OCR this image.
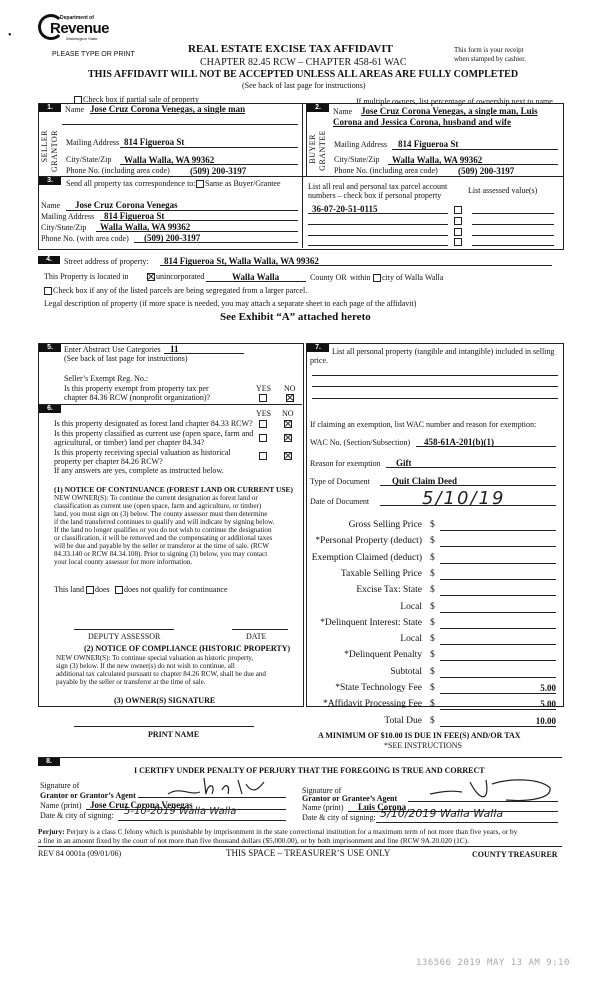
•
Department of
Revenue
Washington State
PLEASE TYPE OR PRINT	REAL ESTATE EXCISE TAX AFFIDAVIT
CHAPTER 82.45 RCW – CHAPTER 458-61 WAC
THIS AFFIDAVIT WILL NOT BE ACCEPTED UNLESS ALL AREAS ARE FULLY COMPLETED
(See back of last page for instructions)
This form is your receipt
when stamped by cashier.
Check box if partial sale of property	If multiple owners, list percentage of ownership next to name
1.
SELLER GRANTOR
Name Jose Cruz Corona Venegas, a single man
Mailing Address 814 Figueroa St
City/State/Zip Walla Walla, WA 99362
Phone No. (including area code) (509) 200-3197
2.
BUYER GRANTEE
Name Jose Cruz Corona Venegas, a single man, Luis
Corona and Jessica Corona, husband and wife
Mailing Address 814 Figueroa St
City/State/Zip Walla Walla, WA 99362
Phone No. (including area code) (509) 200-3197
3.	Send all property tax correspondence to: Same as Buyer/Grantee
Name Jose Cruz Corona Venegas
Mailing Address 814 Figueroa St
City/State/Zip Walla Walla, WA 99362
Phone No. (with area code) (509) 200-3197
List all real and personal tax parcel account
numbers – check box if personal property
List assessed value(s)
36-07-20-51-0115
4.	Street address of property: 814 Figueroa St, Walla Walla, WA 99362
This Property is located in	unincorporated	Walla Walla	County OR within city of Walla Walla
Check box if any of the listed parcels are being segregated from a larger parcel.
Legal description of property (if more space is needed, you may attach a separate sheet to each page of the affidavit)
See Exhibit “A” attached hereto
5.	Enter Abstract Use Categories 11
(See back of last page for instructions)
Seller’s Exempt Reg. No.:
Is this property exempt from property tax per
chapter 84.36 RCW (nonprofit organization)?
YES NO
6.
YES NO
Is this property designated as forest land chapter 84.33 RCW?
Is this property classified as current use (open space, farm and
agricultural, or timber) land per chapter 84.34?
Is this property receiving special valuation as historical
property per chapter 84.26 RCW?
If any answers are yes, complete as instructed below.
(1) NOTICE OF CONTINUANCE (FOREST LAND OR CURRENT USE)
NEW OWNER(S): To continue the current designation as forest land or
classification as current use (open space, farm and agriculture, or timber)
land, you must sign on (3) below. The county assessor must then determine
if the land transferred continues to qualify and will indicate by signing below.
If the land no longer qualifies or you do not wish to continue the designation
or classification, it will be removed and the compensating or additional taxes
will be due and payable by the seller or transferor at the time of sale. (RCW
84.33.140 or RCW 84.34.108). Prior to signing (3) below, you may contact
your local county assessor for more information.
This land does does not qualify for continuance
DEPUTY ASSESSOR	DATE
(2) NOTICE OF COMPLIANCE (HISTORIC PROPERTY)
NEW OWNER(S): To continue special valuation as historic property,
sign (3) below. If the new owner(s) do not wish to continue, all
additional tax calculated pursuant to chapter 84.26 RCW, shall be due and
payable by the seller or transferor at the time of sale.
(3) OWNER(S) SIGNATURE
PRINT NAME
7.	List all personal property (tangible and intangible) included in selling
price.
If claiming an exemption, list WAC number and reason for exemption:
WAC No. (Section/Subsection) 458-61A-201(b)(1)
Reason for exemption Gift
Type of Document Quit Claim Deed
Date of Document	5/10/19
Gross Selling Price $
*Personal Property (deduct) $
Exemption Claimed (deduct) $
Taxable Selling Price $
Excise Tax: State $
Local $
*Delinquent Interest: State $
Local $
*Delinquent Penalty $
Subtotal $
*State Technology Fee $	5.00
*Affidavit Processing Fee $	5.00
Total Due $	10.00
A MINIMUM OF $10.00 IS DUE IN FEE(S) AND/OR TAX
*SEE INSTRUCTIONS
8.
I CERTIFY UNDER PENALTY OF PERJURY THAT THE FOREGOING IS TRUE AND CORRECT
Signature of
Grantor or Grantor’s Agent
Name (print) Jose Cruz Corona Venegas
Date & city of signing: 5-10-2019 Walla Walla
Signature of
Grantor or Grantee’s Agent
Name (print) Luis Corona
Date & city of signing: 5/10/2019 Walla Walla
Perjury: Perjury is a class C felony which is punishable by imprisonment in the state correctional institution for a maximum term of not more than five years, or by
a fine in an amount fixed by the court of not more than five thousand dollars ($5,000.00), or by both imprisonment and fine (RCW 9A.20.020 (1C).
REV 84 0001a (09/01/06)	THIS SPACE – TREASURER’S USE ONLY	COUNTY TREASURER
136566 2019 MAY 13 AM 9:10
